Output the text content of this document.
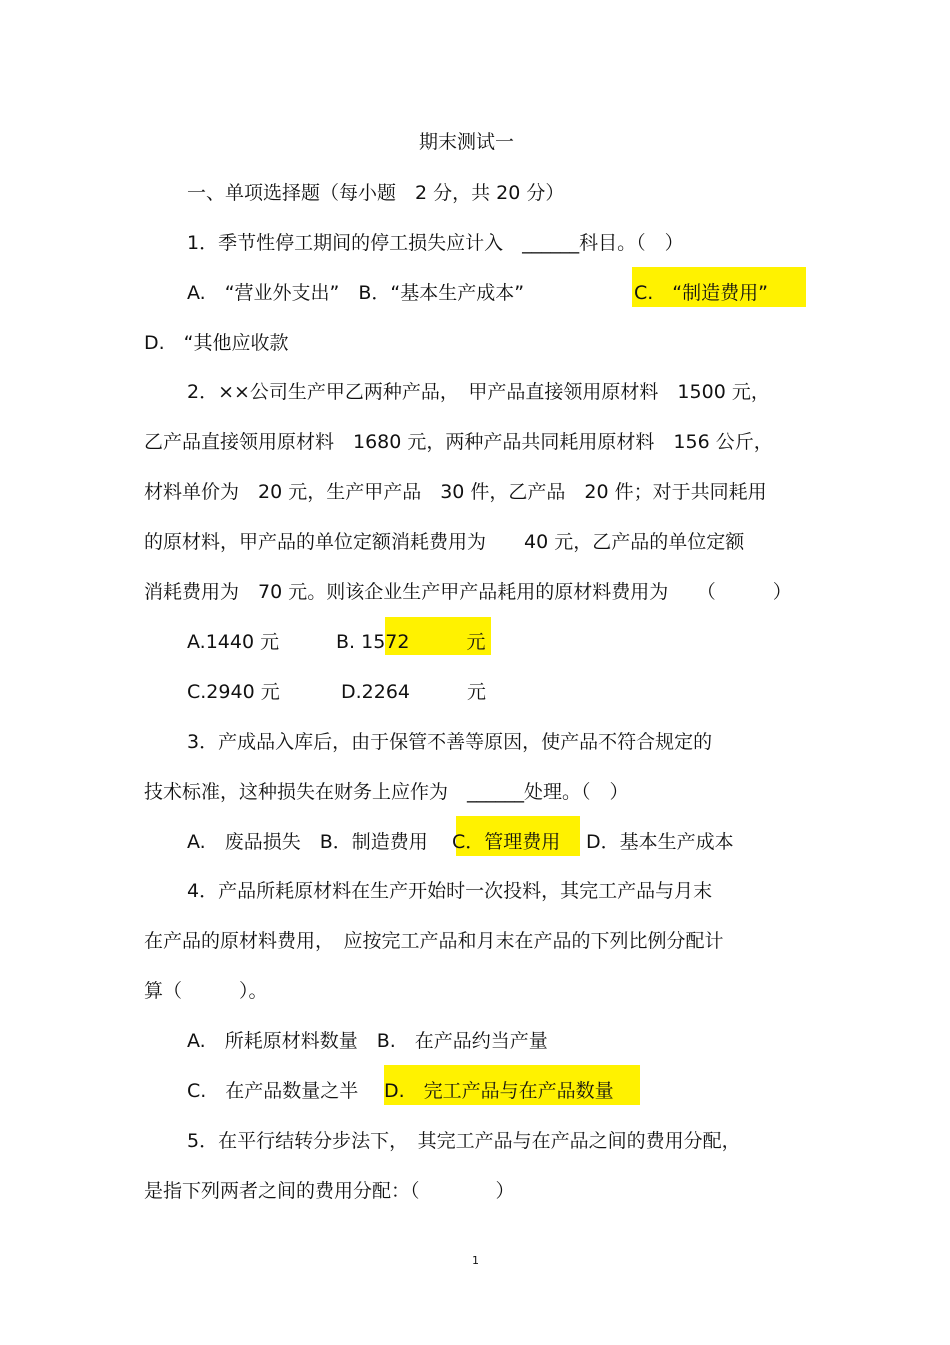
期末测试一
一、单项选择题（每小题　2 分，共 20 分）
1．季节性停工期间的停工损失应计入　______科目。（　）
A.　“营业外支出”　B．“基本生产成本”	C.　“制造费用”
D.　“其他应收款
2．××公司生产甲乙两种产品，　甲产品直接领用原材料　1500 元，
乙产品直接领用原材料　1680 元，两种产品共同耗用原材料　156 公斤，
材料单价为　20 元，生产甲产品　30 件，乙产品　20 件；对于共同耗用
的原材料，甲产品的单位定额消耗费用为　　40 元，乙产品的单位定额
消耗费用为　70 元。则该企业生产甲产品耗用的原材料费用为　　（　　　）
A.1440 元	B. 1572　　　元
C.2940 元	D.2264　　　元
3．产成品入库后，由于保管不善等原因，使产品不符合规定的
技术标准，这种损失在财务上应作为　______处理。（　）
A.　废品损失　B．制造费用 C．管理费用 D．基本生产成本
4．产品所耗原材料在生产开始时一次投料，其完工产品与月末
在产品的原材料费用，　应按完工产品和月末在产品的下列比例分配计
算（　　　）。
A.　所耗原材料数量　B.　在产品约当产量
C.　在产品数量之半 D.　完工产品与在产品数量
5．在平行结转分步法下，　其完工产品与在产品之间的费用分配，
是指下列两者之间的费用分配：（　　　　）
1
